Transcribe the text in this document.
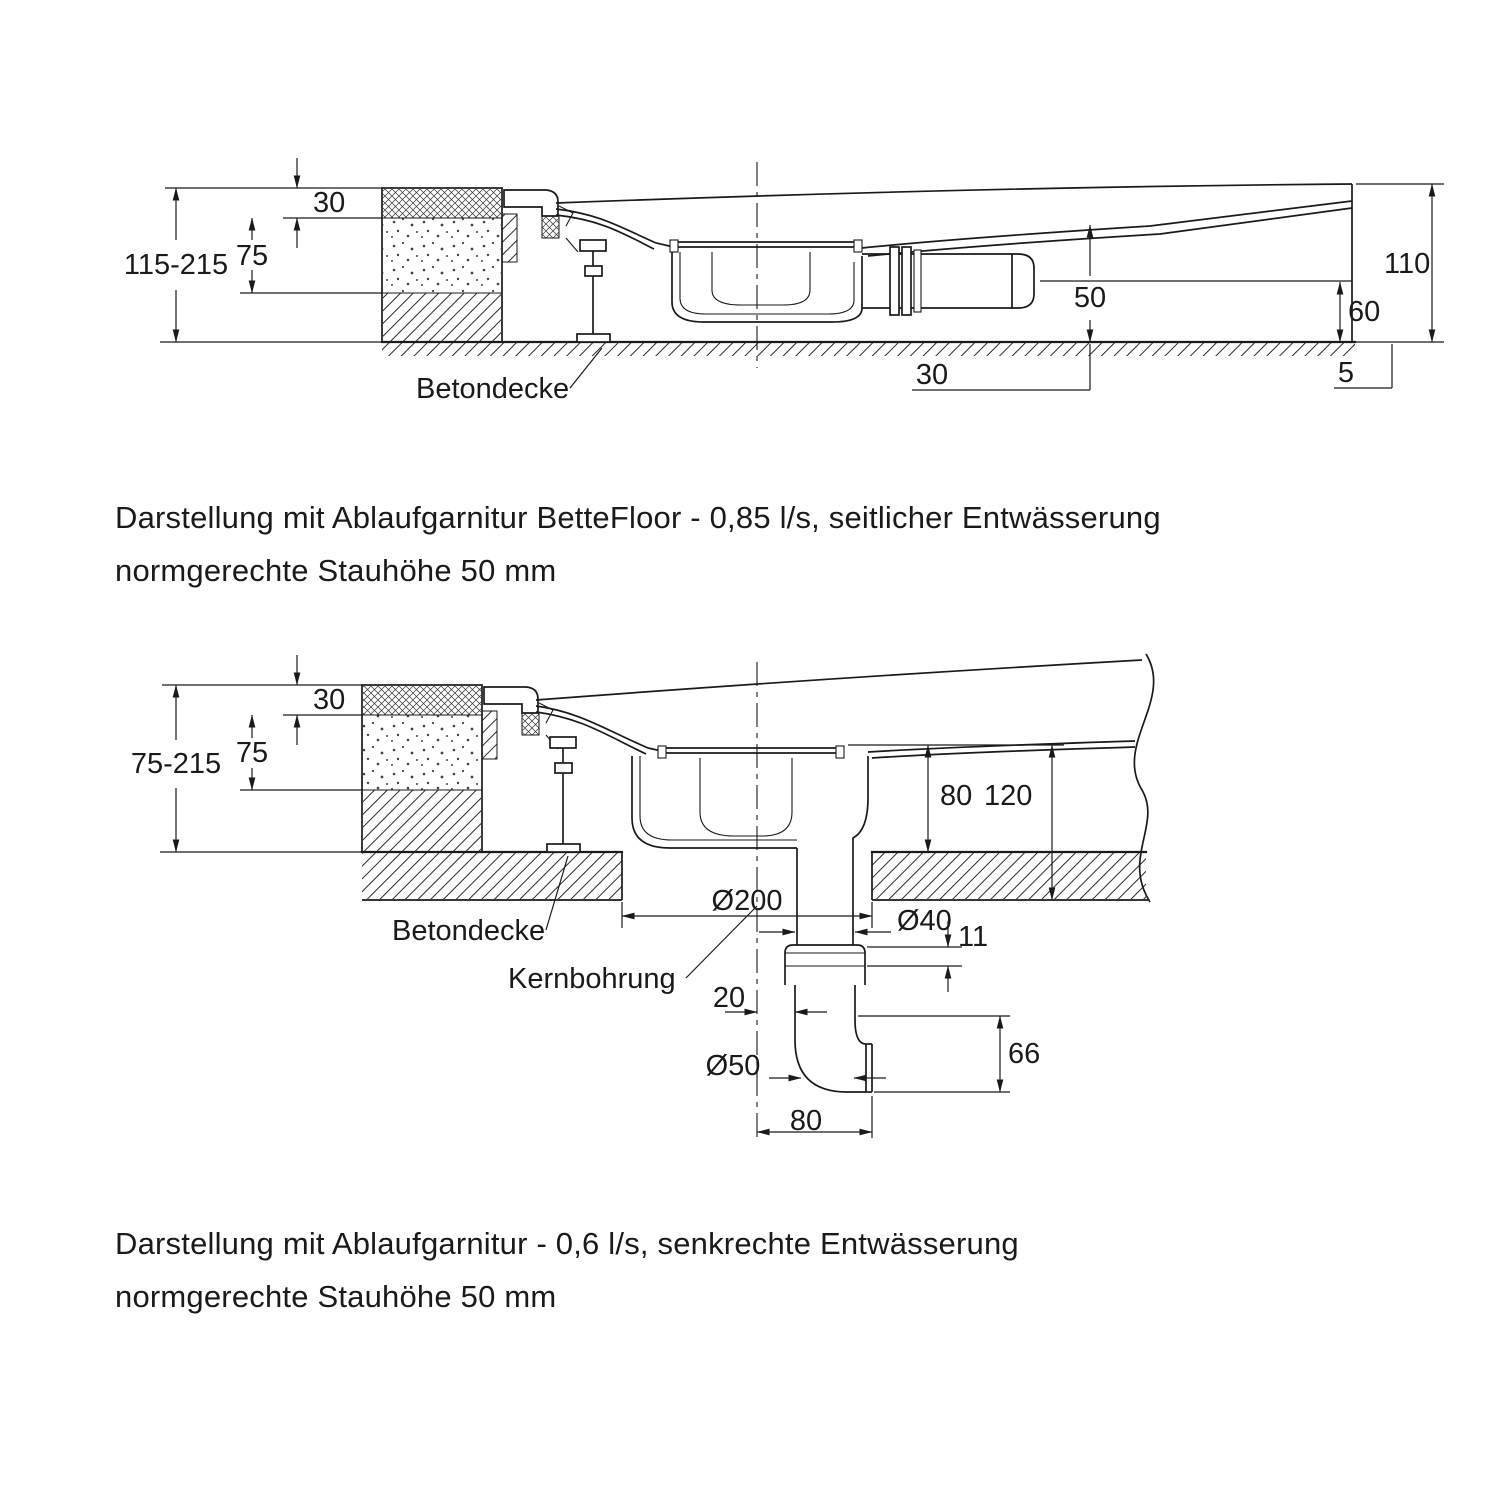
30
75
115-215
50	60
110
30	5
Betondecke
Darstellung mit Ablaufgarnitur BetteFloor - 0,85 l/s, seitlicher Entwässerung
normgerechte Stauhöhe 50 mm
30
75
75-215
80 120
Ø200
Ø40 11
20
Ø50	66
80
Betondecke
Kernbohrung
Darstellung mit Ablaufgarnitur - 0,6 l/s, senkrechte Entwässerung
normgerechte Stauhöhe 50 mm
